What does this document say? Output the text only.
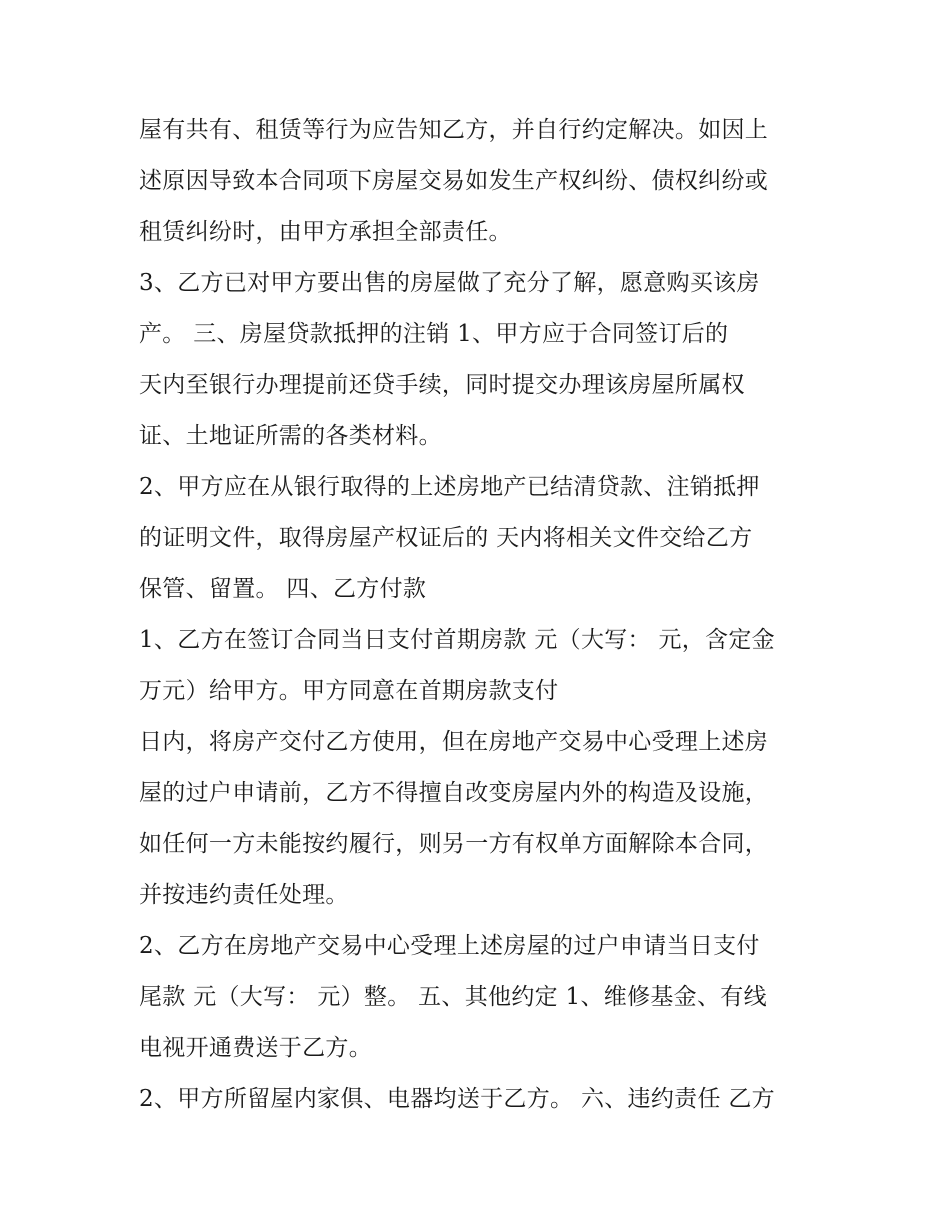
屋有共有、租赁等行为应告知乙方，并自行约定解决。如因上
述原因导致本合同项下房屋交易如发生产权纠纷、债权纠纷或
租赁纠纷时，由甲方承担全部责任。
3、乙方已对甲方要出售的房屋做了充分了解，愿意购买该房
产。 三、房屋贷款抵押的注销 1、甲方应于合同签订后的
天内至银行办理提前还贷手续，同时提交办理该房屋所属权
证、土地证所需的各类材料。
2、甲方应在从银行取得的上述房地产已结清贷款、注销抵押
的证明文件，取得房屋产权证后的 天内将相关文件交给乙方
保管、留置。 四、乙方付款
1、乙方在签订合同当日支付首期房款 元（大写： 元，含定金
万元）给甲方。甲方同意在首期房款支付
日内，将房产交付乙方使用，但在房地产交易中心受理上述房
屋的过户申请前，乙方不得擅自改变房屋内外的构造及设施，
如任何一方未能按约履行，则另一方有权单方面解除本合同，
并按违约责任处理。
2、乙方在房地产交易中心受理上述房屋的过户申请当日支付
尾款 元（大写： 元）整。 五、其他约定 1、维修基金、有线
电视开通费送于乙方。
2、甲方所留屋内家俱、电器均送于乙方。 六、违约责任 乙方
